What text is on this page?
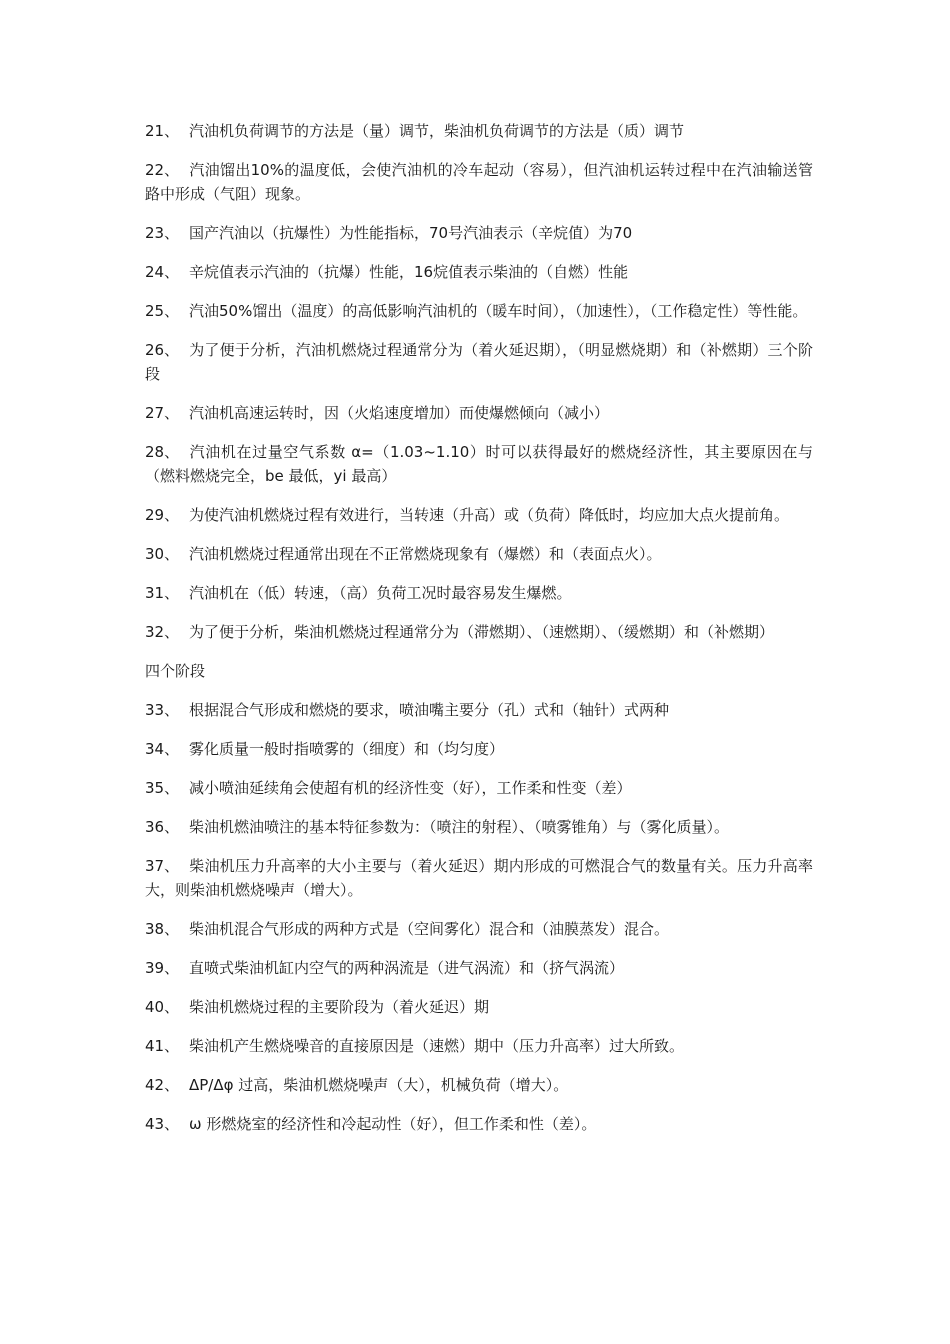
21、 汽油机负荷调节的方法是（量）调节，柴油机负荷调节的方法是（质）调节

22、 汽油馏出10%的温度低，会使汽油机的冷车起动（容易），但汽油机运转过程中在汽油输送管路中形成（气阻）现象。

23、 国产汽油以（抗爆性）为性能指标，70号汽油表示（辛烷值）为70

24、 辛烷值表示汽油的（抗爆）性能，16烷值表示柴油的（自燃）性能

25、 汽油50%馏出（温度）的高低影响汽油机的（暖车时间），（加速性），（工作稳定性）等性能。

26、 为了便于分析，汽油机燃烧过程通常分为（着火延迟期），（明显燃烧期）和（补燃期）三个阶段

27、 汽油机高速运转时，因（火焰速度增加）而使爆燃倾向（减小）

28、 汽油机在过量空气系数 α=（1.03~1.10）时可以获得最好的燃烧经济性，其主要原因在与（燃料燃烧完全，be 最低，yi 最高）

29、 为使汽油机燃烧过程有效进行，当转速（升高）或（负荷）降低时，均应加大点火提前角。

30、 汽油机燃烧过程通常出现在不正常燃烧现象有（爆燃）和（表面点火）。

31、 汽油机在（低）转速，（高）负荷工况时最容易发生爆燃。

32、 为了便于分析，柴油机燃烧过程通常分为（滞燃期）、（速燃期）、（缓燃期）和（补燃期）

四个阶段

33、 根据混合气形成和燃烧的要求，喷油嘴主要分（孔）式和（轴针）式两种

34、 雾化质量一般时指喷雾的（细度）和（均匀度）

35、 减小喷油延续角会使超有机的经济性变（好），工作柔和性变（差）

36、 柴油机燃油喷注的基本特征参数为：（喷注的射程）、（喷雾锥角）与（雾化质量）。

37、 柴油机压力升高率的大小主要与（着火延迟）期内形成的可燃混合气的数量有关。压力升高率大，则柴油机燃烧噪声（增大）。

38、 柴油机混合气形成的两种方式是（空间雾化）混合和（油膜蒸发）混合。

39、 直喷式柴油机缸内空气的两种涡流是（进气涡流）和（挤气涡流）

40、 柴油机燃烧过程的主要阶段为（着火延迟）期

41、 柴油机产生燃烧噪音的直接原因是（速燃）期中（压力升高率）过大所致。

42、 ΔP/Δφ 过高，柴油机燃烧噪声（大），机械负荷（增大）。

43、 ω 形燃烧室的经济性和冷起动性（好），但工作柔和性（差）。
